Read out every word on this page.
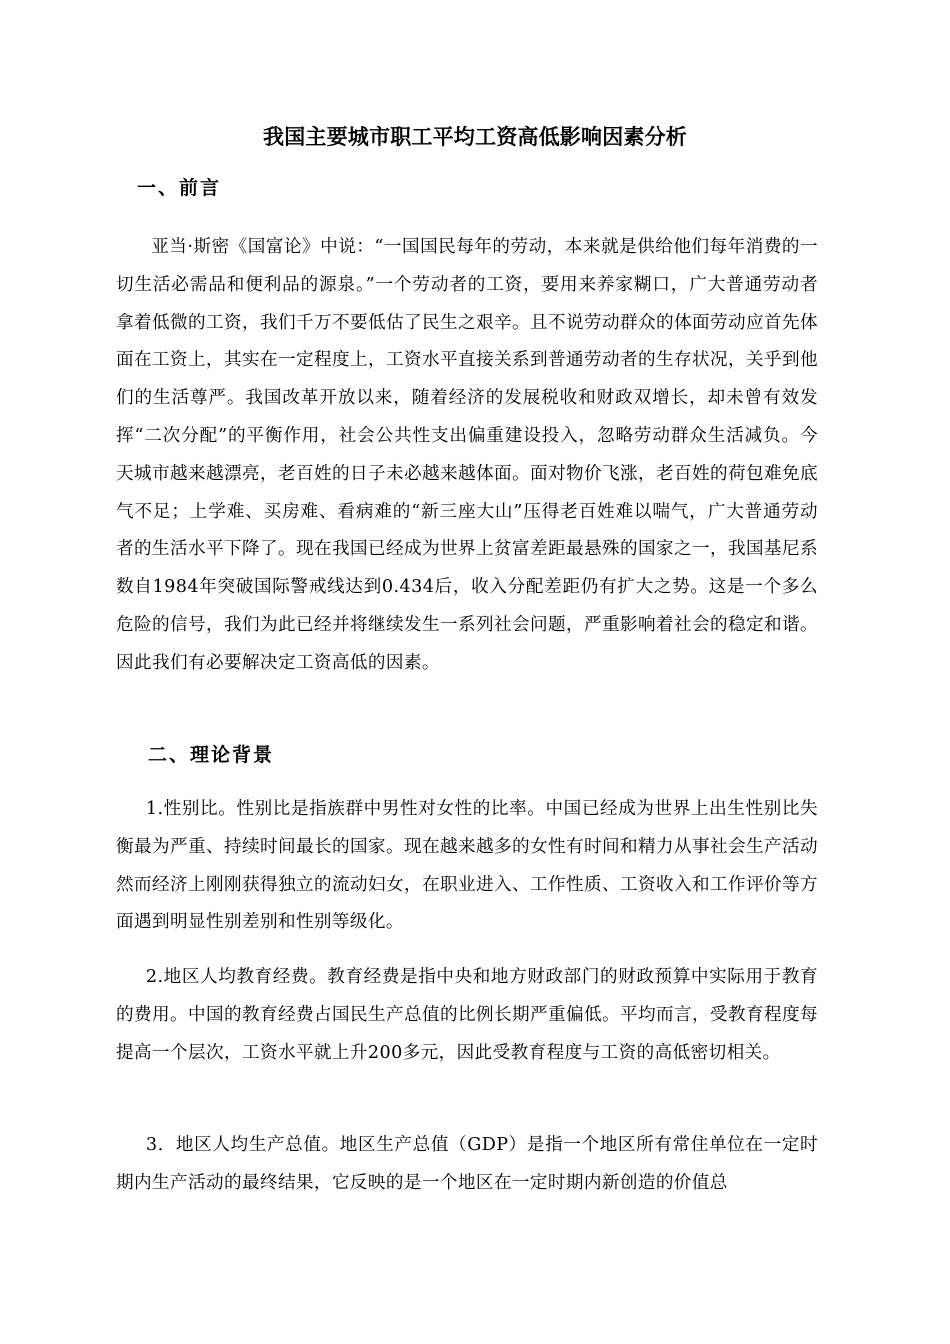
我国主要城市职工平均工资高低影响因素分析
一、前言
亚当·斯密《国富论》中说：“一国国民每年的劳动，本来就是供给他们每年消费的一切生活必需品和便利品的源泉。”一个劳动者的工资，要用来养家糊口，广大普通劳动者拿着低微的工资，我们千万不要低估了民生之艰辛。且不说劳动群众的体面劳动应首先体面在工资上，其实在一定程度上，工资水平直接关系到普通劳动者的生存状况，关乎到他们的生活尊严。我国改革开放以来，随着经济的发展税收和财政双增长，却未曾有效发挥“二次分配”的平衡作用，社会公共性支出偏重建设投入，忽略劳动群众生活减负。今天城市越来越漂亮，老百姓的日子未必越来越体面。面对物价飞涨，老百姓的荷包难免底气不足；上学难、买房难、看病难的“新三座大山”压得老百姓难以喘气，广大普通劳动者的生活水平下降了。现在我国已经成为世界上贫富差距最悬殊的国家之一，我国基尼系数自1984年突破国际警戒线达到0.434后，收入分配差距仍有扩大之势。这是一个多么危险的信号，我们为此已经并将继续发生一系列社会问题，严重影响着社会的稳定和谐。因此我们有必要解决定工资高低的因素。
二、理论背景
1.性别比。性别比是指族群中男性对女性的比率。中国已经成为世界上出生性别比失衡最为严重、持续时间最长的国家。现在越来越多的女性有时间和精力从事社会生产活动然而经济上刚刚获得独立的流动妇女，在职业进入、工作性质、工资收入和工作评价等方面遇到明显性别差别和性别等级化。
2.地区人均教育经费。教育经费是指中央和地方财政部门的财政预算中实际用于教育的费用。中国的教育经费占国民生产总值的比例长期严重偏低。平均而言，受教育程度每提高一个层次，工资水平就上升200多元，因此受教育程度与工资的高低密切相关。
3．地区人均生产总值。地区生产总值（GDP）是指一个地区所有常住单位在一定时期内生产活动的最终结果，它反映的是一个地区在一定时期内新创造的价值总
